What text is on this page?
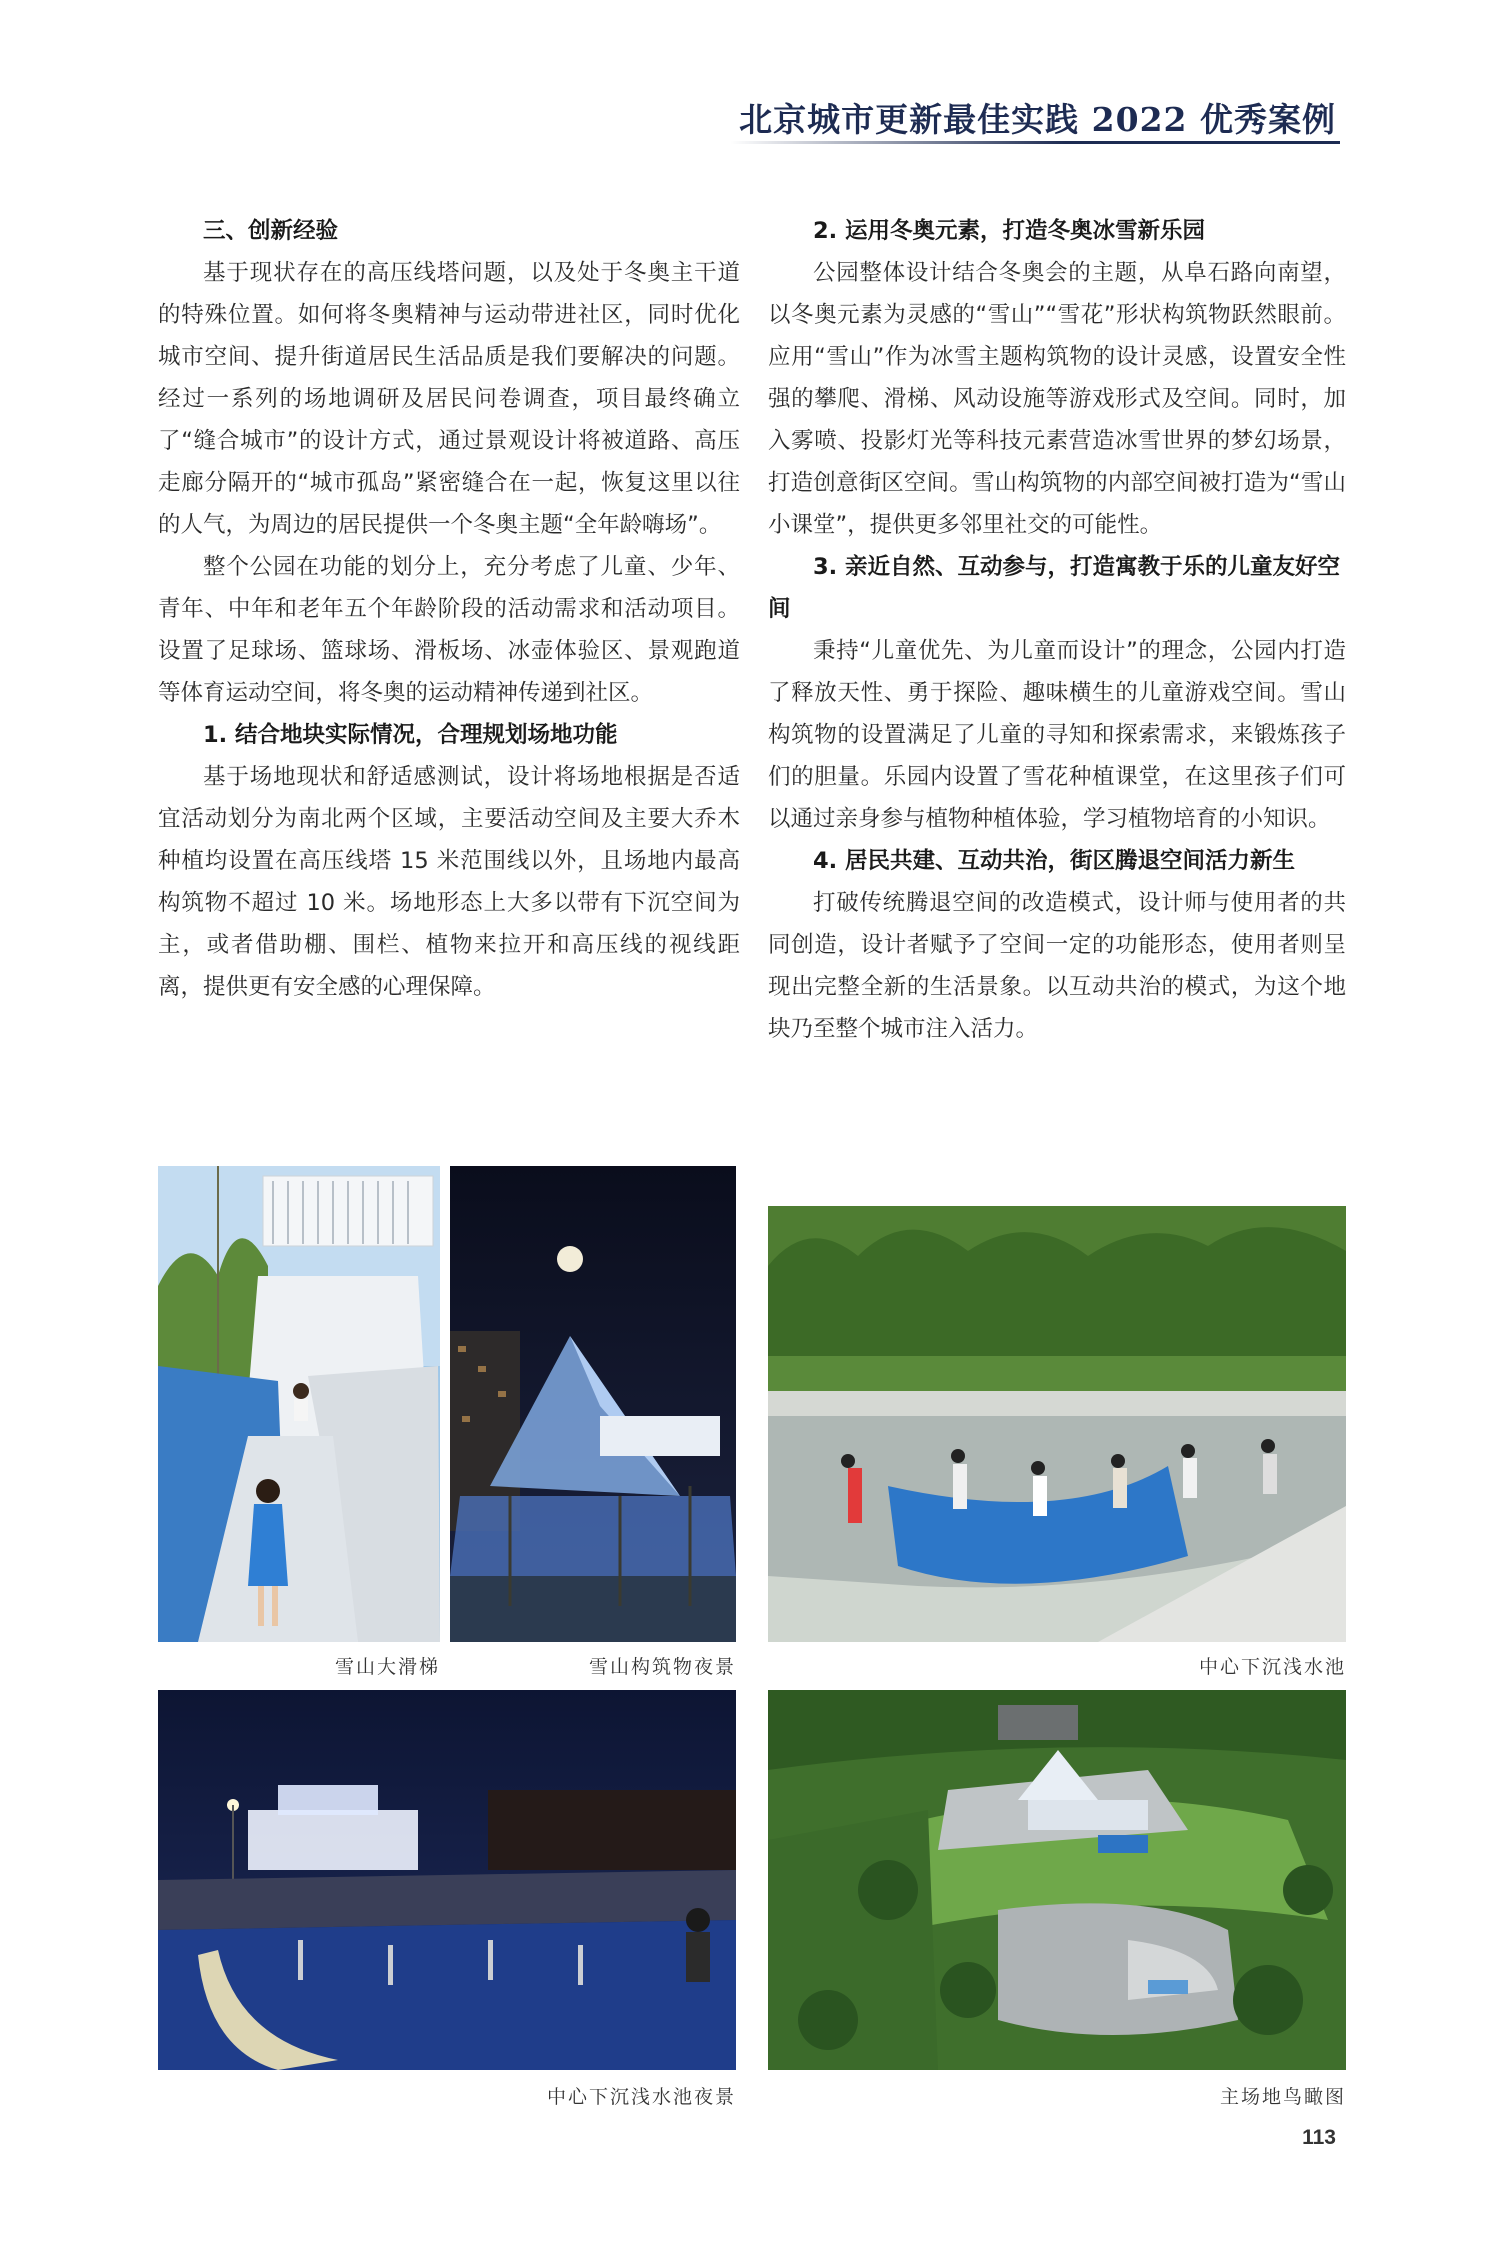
北京城市更新最佳实践 2022 优秀案例
三、创新经验

基于现状存在的高压线塔问题，以及处于冬奥主干道的特殊位置。如何将冬奥精神与运动带进社区，同时优化城市空间、提升街道居民生活品质是我们要解决的问题。经过一系列的场地调研及居民问卷调查，项目最终确立了“缝合城市”的设计方式，通过景观设计将被道路、高压走廊分隔开的“城市孤岛”紧密缝合在一起，恢复这里以往的人气，为周边的居民提供一个冬奥主题“全年龄嗨场”。

整个公园在功能的划分上，充分考虑了儿童、少年、青年、中年和老年五个年龄阶段的活动需求和活动项目。设置了足球场、篮球场、滑板场、冰壶体验区、景观跑道等体育运动空间，将冬奥的运动精神传递到社区。

1. 结合地块实际情况，合理规划场地功能

基于场地现状和舒适感测试，设计将场地根据是否适宜活动划分为南北两个区域，主要活动空间及主要大乔木种植均设置在高压线塔 15 米范围线以外，且场地内最高构筑物不超过 10 米。场地形态上大多以带有下沉空间为主，或者借助棚、围栏、植物来拉开和高压线的视线距离，提供更有安全感的心理保障。

2. 运用冬奥元素，打造冬奥冰雪新乐园

公园整体设计结合冬奥会的主题，从阜石路向南望，以冬奥元素为灵感的“雪山”“雪花”形状构筑物跃然眼前。应用“雪山”作为冰雪主题构筑物的设计灵感，设置安全性强的攀爬、滑梯、风动设施等游戏形式及空间。同时，加入雾喷、投影灯光等科技元素营造冰雪世界的梦幻场景，打造创意街区空间。雪山构筑物的内部空间被打造为“雪山小课堂”，提供更多邻里社交的可能性。

3. 亲近自然、互动参与，打造寓教于乐的儿童友好空间

秉持“儿童优先、为儿童而设计”的理念，公园内打造了释放天性、勇于探险、趣味横生的儿童游戏空间。雪山构筑物的设置满足了儿童的寻知和探索需求，来锻炼孩子们的胆量。乐园内设置了雪花种植课堂，在这里孩子们可以通过亲身参与植物种植体验，学习植物培育的小知识。

4. 居民共建、互动共治，街区腾退空间活力新生

打破传统腾退空间的改造模式，设计师与使用者的共同创造，设计者赋予了空间一定的功能形态，使用者则呈现出完整全新的生活景象。以互动共治的模式，为这个地块乃至整个城市注入活力。

雪山大滑梯	雪山构筑物夜景	中心下沉浅水池
中心下沉浅水池夜景	主场地鸟瞰图
113
